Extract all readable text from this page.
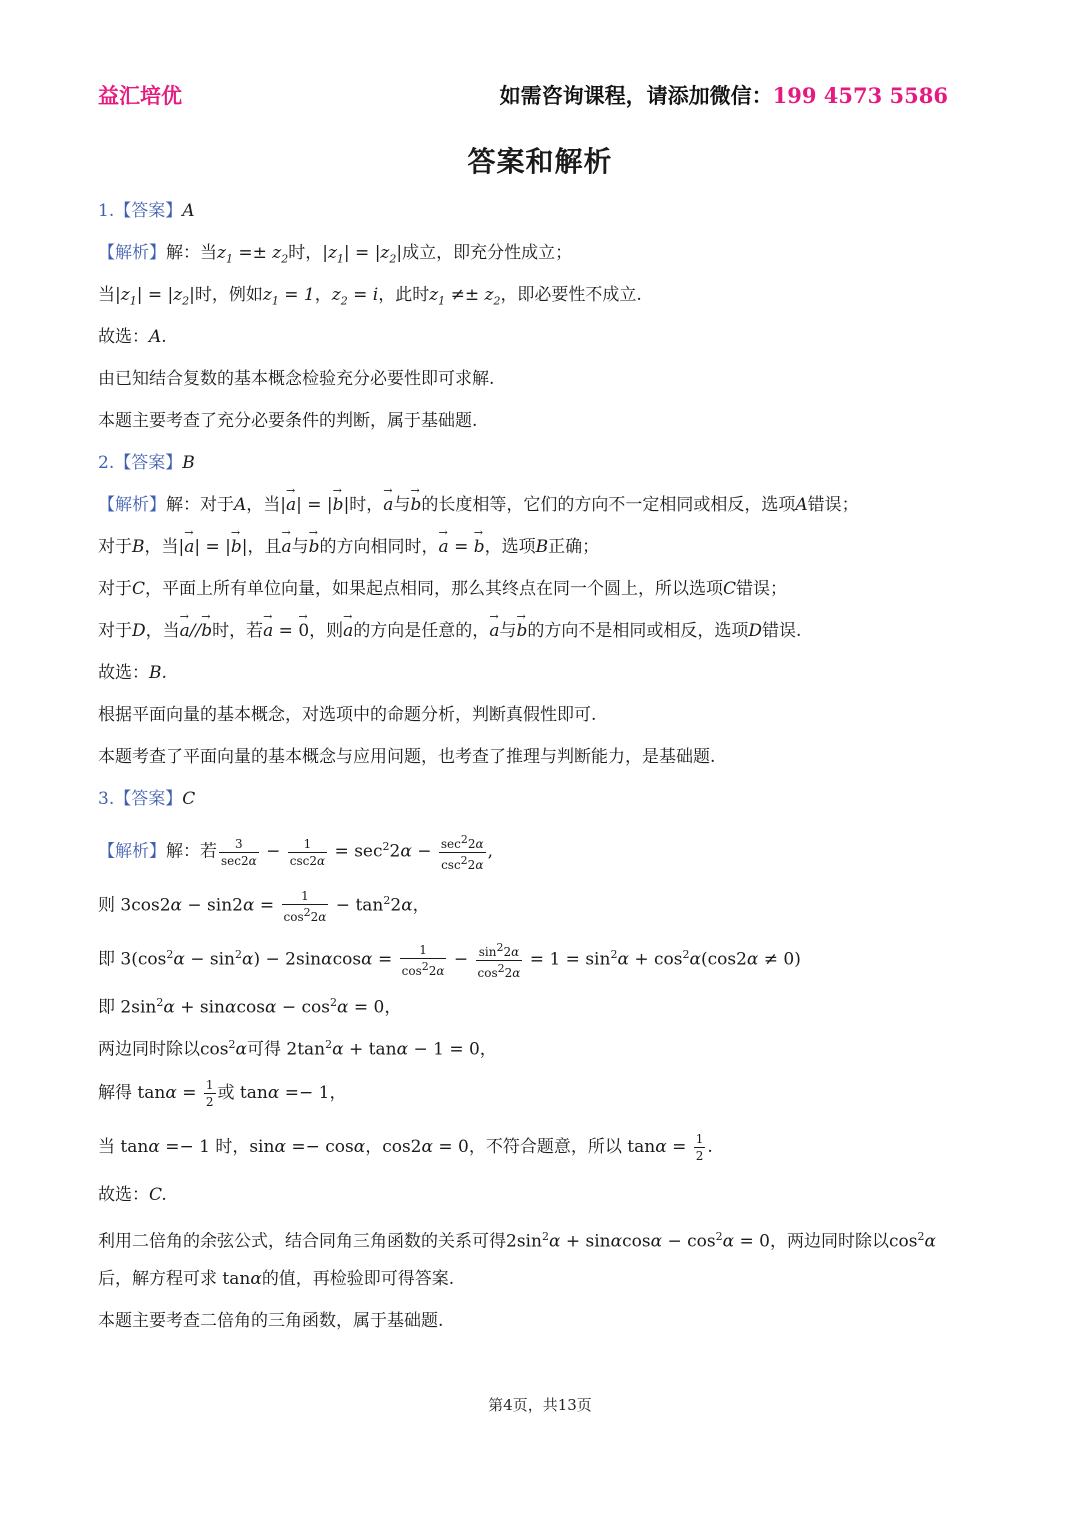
益汇培优	如需咨询课程，请添加微信：199 4573 5586
答案和解析
1.【答案】A
【解析】解：当$z_1 =\pm z_2$时，$|z_1| = |z_2|$成立，即充分性成立；
当$|z_1| = |z_2|$时，例如$z_1 = 1$，$z_2 = i$，此时$z_1 \ne\pm z_2$，即必要性不成立.
故选：A.
由已知结合复数的基本概念检验充分必要性即可求解.
本题主要考查了充分必要条件的判断，属于基础题.
2.【答案】B
【解析】解：对于A，当|→ a| = |→ b|时，→ a与→ b的长度相等，它们的方向不一定相同或相反，选项A错误；
对于B，当|→ a| = |→ b|，且→ a与→ b的方向相同时，→ a = → b，选项B正确；
对于C，平面上所有单位向量，如果起点相同，那么其终点在同一个圆上，所以选项C错误；
对于D，当→ a//→ b时，若→ a = → 0，则→ a的方向是任意的，→ a与→ b的方向不是相同或相反，选项D错误.
故选：B.
根据平面向量的基本概念，对选项中的命题分析，判断真假性即可.
本题考查了平面向量的基本概念与应用问题，也考查了推理与判断能力，是基础题.
3.【答案】C
【解析】解：若 $\frac{3}{\sec 2\alpha} - \frac{1}{\csc 2\alpha} = \sec^22\alpha - \frac{\sec^22\alpha}{\csc^22\alpha}$ ,
则 $3\cos 2\alpha - \sin 2\alpha = \frac{1}{\cos^22\alpha} - \tan^22\alpha$，
即 $3(\cos^2\alpha - \sin^2\alpha) - 2\sin\alpha\cos\alpha = \frac{1}{\cos^22\alpha} - \frac{\sin^22\alpha}{\cos^22\alpha} = 1 = \sin^2\alpha + \cos^2\alpha(\cos 2\alpha \ne 0)$
即 $2\sin^2\alpha + \sin\alpha\cos\alpha - \cos^2\alpha = 0$，
两边同时除以$\cos^2\alpha$可得 $2\tan^2\alpha + \tan\alpha - 1 = 0$，
解得 $\tan\alpha = \frac{1}{2}$ 或 tanα =− 1，
当 tanα =− 1 时，sinα =− cosα，cos2α = 0，不符合题意，所以 $\tan\alpha = \frac{1}{2}$ .
故选：C.
利用二倍角的余弦公式，结合同角三角函数的关系可得$2\sin^2\alpha + \sin\alpha\cos\alpha - \cos^2\alpha = 0$，两边同时除以$\cos^2\alpha$
后，解方程可求 tanα的值，再检验即可得答案.
本题主要考查二倍角的三角函数，属于基础题.
第4页，共13页
